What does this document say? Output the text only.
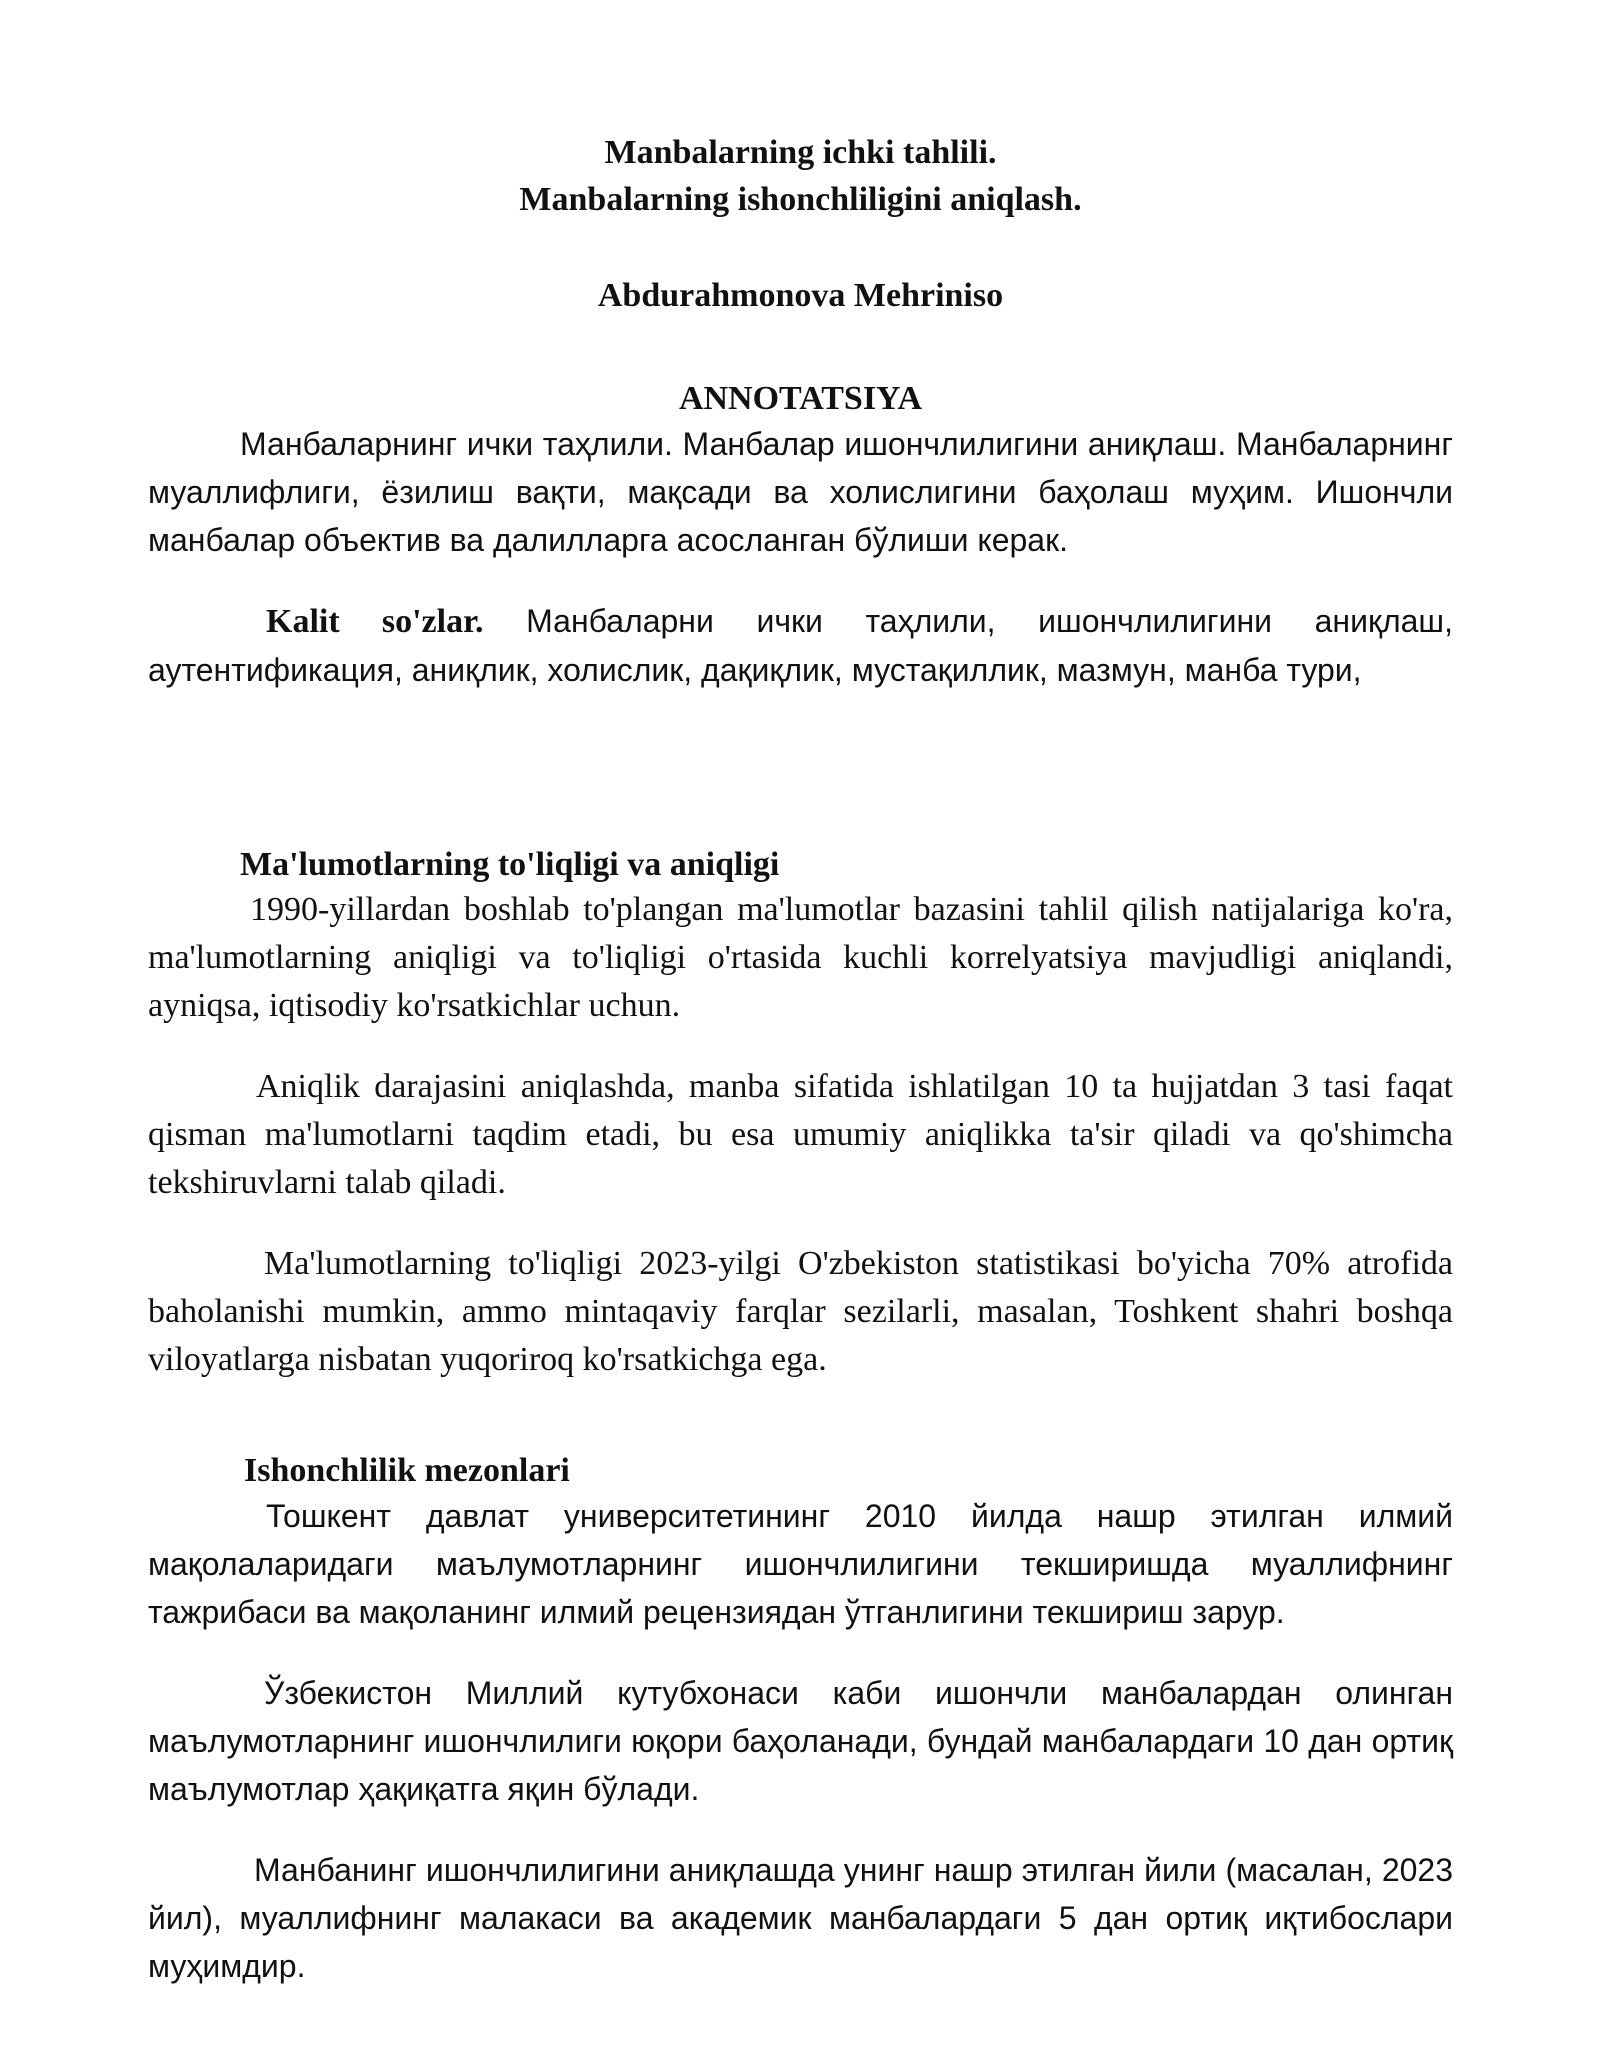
Manbalarning ichki tahlili.
Manbalarning ishonchliligini aniqlash.
Abdurahmonova Mehriniso
ANNOTATSIYA
Манбаларнинг ички таҳлили. Манбалар ишончлилигини аниқлаш. Манбаларнинг муаллифлиги, ёзилиш вақти, мақсади ва холислигини баҳолаш муҳим. Ишончли манбалар объектив ва далилларга асосланган бўлиши керак.
Kalit so'zlar. Манбаларни ички таҳлили, ишончлилигини аниқлаш, аутентификация, аниқлик, холислик, дақиқлик, мустақиллик, мазмун, манба тури,
Ma'lumotlarning to'liqligi va aniqligi
1990-yillardan boshlab to'plangan ma'lumotlar bazasini tahlil qilish natijalariga ko'ra, ma'lumotlarning aniqligi va to'liqligi o'rtasida kuchli korrelyatsiya mavjudligi aniqlandi, ayniqsa, iqtisodiy ko'rsatkichlar uchun.
Aniqlik darajasini aniqlashda, manba sifatida ishlatilgan 10 ta hujjatdan 3 tasi faqat qisman ma'lumotlarni taqdim etadi, bu esa umumiy aniqlikka ta'sir qiladi va qo'shimcha tekshiruvlarni talab qiladi.
Ma'lumotlarning to'liqligi 2023-yilgi O'zbekiston statistikasi bo'yicha 70% atrofida baholanishi mumkin, ammo mintaqaviy farqlar sezilarli, masalan, Toshkent shahri boshqa viloyatlarga nisbatan yuqoriroq ko'rsatkichga ega.
Ishonchlilik mezonlari
Тошкент давлат университетининг 2010 йилда нашр этилган илмий мақолаларидаги маълумотларнинг ишончлилигини текширишда муаллифнинг тажрибаси ва мақоланинг илмий рецензиядан ўтганлигини текшириш зарур.
Ўзбекистон Миллий кутубхонаси каби ишончли манбалардан олинган маълумотларнинг ишончлилиги юқори баҳоланади, бундай манбалардаги 10 дан ортиқ маълумотлар ҳақиқатга яқин бўлади.
Манбанинг ишончлилигини аниқлашда унинг нашр этилган йили (масалан, 2023 йил), муаллифнинг малакаси ва академик манбалардаги 5 дан ортиқ иқтибослари муҳимдир.
